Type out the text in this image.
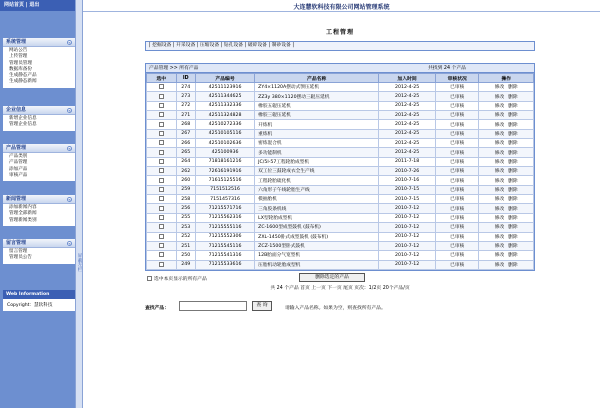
网站首页 | 退出
系统管理	«
网站公告
上传管理
管理员管理
数据库备份
生成静态产品
生成静态新闻
企业信息	«
新增企业信息
管理企业信息
产品管理	«
产品类别
产品管理
添加产品
审核产品
新闻管理	«
添加新闻内容
管理全部新闻
管理新闻类别
留言管理	«
留言管理
管理员公告
Web Information
Copyright：慧软科技
屏蔽左栏
大连慧软科技有限公司网站管理系统
工程管理
| 挖掘设备 | 开采设备 | 压缩设备 | 钻孔设备 | 破碎设备 | 制砂设备 |
产品管理 >> 所有产品	共找到 24 个产品
选中	ID	产品编号	产品名称	加入时间	审核状况	操作
	274	42511123916	ZY4×1120A摆动式颚压延机	2012-4-25	已审核	修改 删除
	273	42511344625	ZZ3y 380×1120摆动三辊压延机	2012-4-25	已审核	修改 删除
	272	42511332336	橡胶五辊压延机	2012-4-25	已审核	修改 删除
	271	42511324828	橡胶三辊压延机	2012-4-25	已审核	修改 删除
	268	42510272336	开炼机	2012-4-25	已审核	修改 删除
	267	42510105116	重炼机	2012-4-25	已审核	修改 删除
	266	42510102636	密炼混合机	2012-4-25	已审核	修改 删除
	265	425100936	多功能制机	2012-4-25	已审核	修改 删除
	264	71818161216	JC/5l-57工程轮胎成型机	2011-7-18	已审核	修改 删除
	262	72616191916	双工位三鼓轮成衣全生产线	2010-7-26	已审核	修改 删除
	260	71615125516	工程轮胎硫化机	2010-7-16	已审核	修改 删除
	259	7151512516	六角形子午线轮胎生产线	2010-7-15	已审核	修改 删除
	258	7151457316	模抽胎机	2010-7-15	已审核	修改 删除
	256	71215571716	三角胶条机线	2010-7-12	已审核	修改 删除
	255	71215562316	LX型轮胎成型机	2010-7-12	已审核	修改 删除
	253	71215555116	ZC-1600型成型鼓机 (鼓布机)	2010-7-12	已审核	修改 删除
	252	71215552306	ZXL-1450卧式成型鼓机 (鼓布机)	2010-7-12	已审核	修改 删除
	251	71215545116	ZCZ-1500型卧式鼓机	2010-7-12	已审核	修改 删除
	250	71215541316	12B胎面分气宽型机	2010-7-12	已审核	修改 删除
	249	71215533616	压胎机动轮胎成型机	2010-7-12	已审核	修改 删除
选中本页显示的所有产品	删除选定的产品
共 24 个产品 首页 上一页 下一页 尾页 页次：1/2页 20个产品/页
查找产品：
查 询
请输入产品名称。如果为空，则查找所有产品。
